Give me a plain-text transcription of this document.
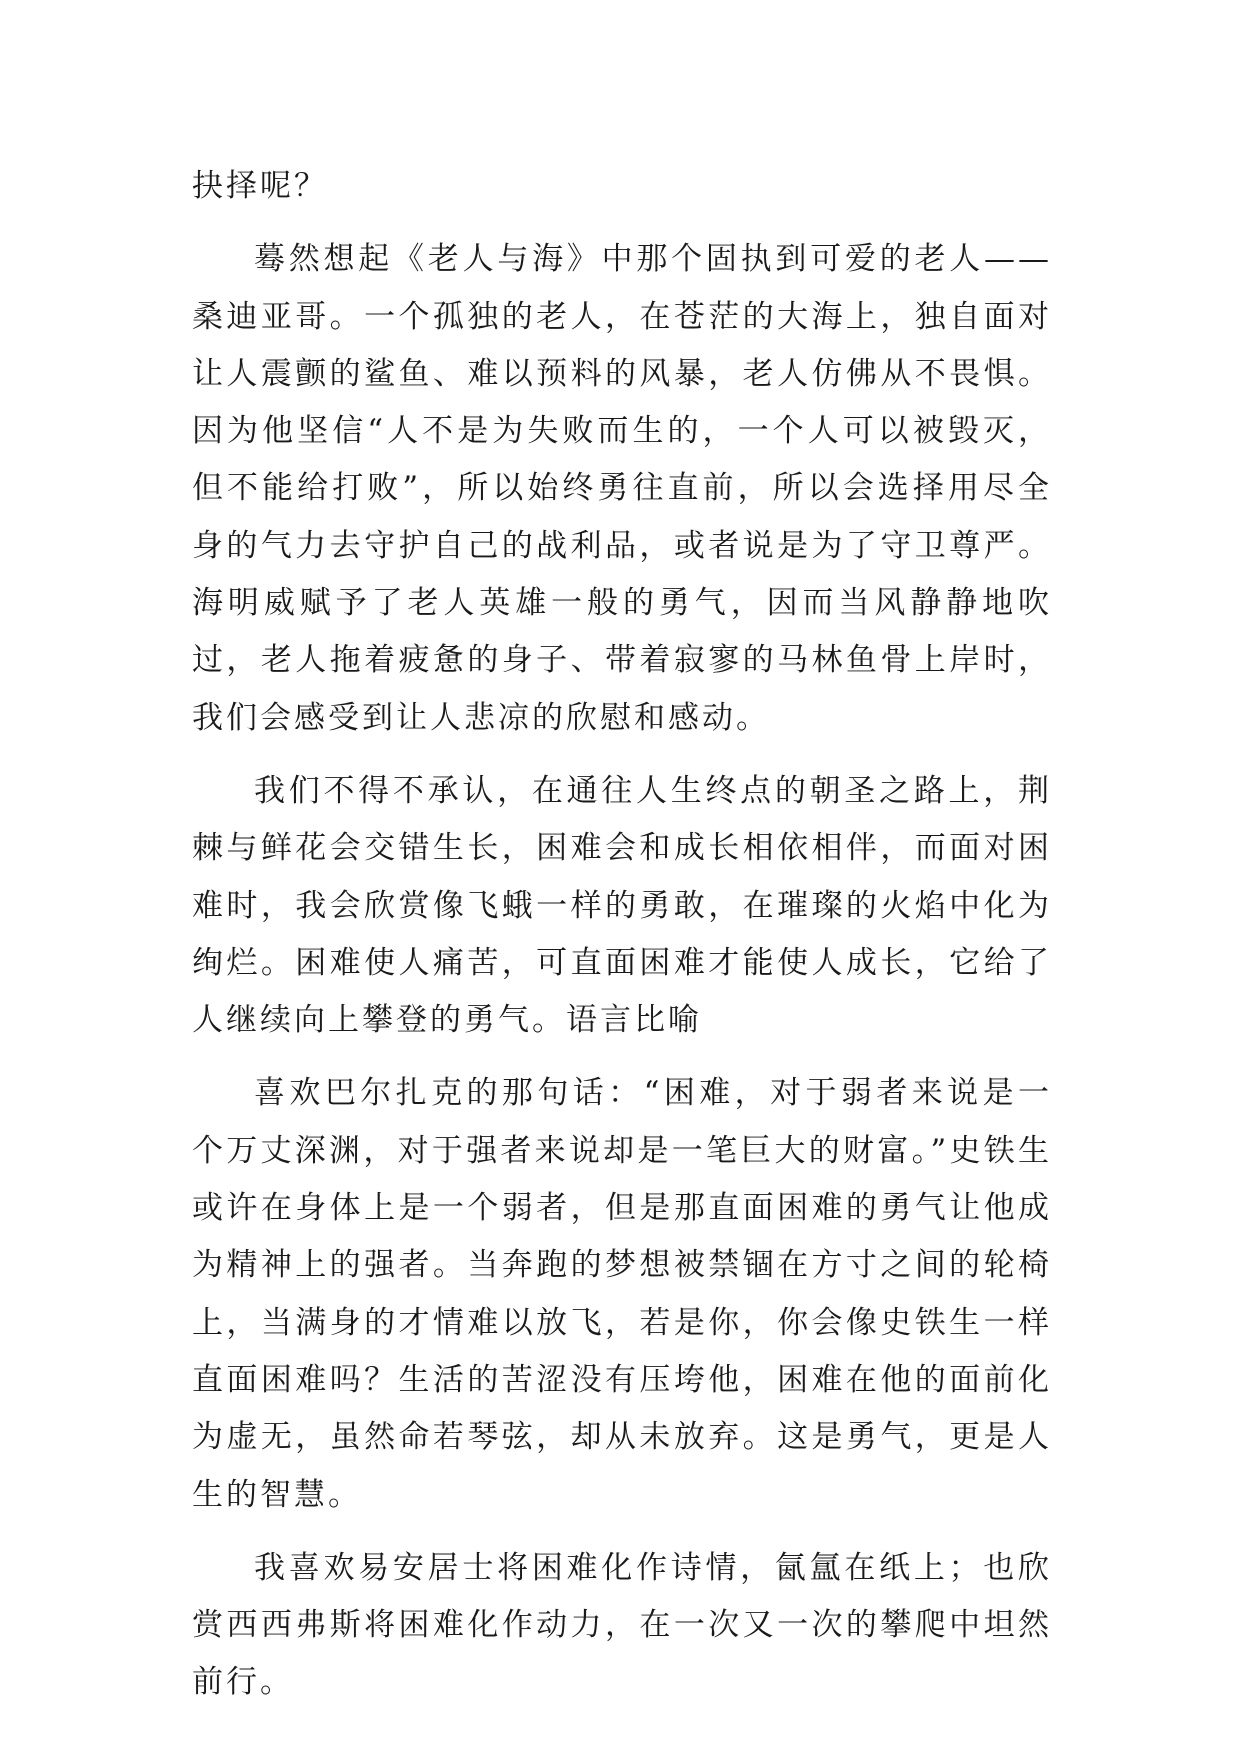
抉择呢？

蓦然想起《老人与海》中那个固执到可爱的老人——桑迪亚哥。一个孤独的老人，在苍茫的大海上，独自面对让人震颤的鲨鱼、难以预料的风暴，老人仿佛从不畏惧。因为他坚信“人不是为失败而生的，一个人可以被毁灭，但不能给打败”，所以始终勇往直前，所以会选择用尽全身的气力去守护自己的战利品，或者说是为了守卫尊严。海明威赋予了老人英雄一般的勇气，因而当风静静地吹过，老人拖着疲惫的身子、带着寂寥的马林鱼骨上岸时，我们会感受到让人悲凉的欣慰和感动。

我们不得不承认，在通往人生终点的朝圣之路上，荆棘与鲜花会交错生长，困难会和成长相依相伴，而面对困难时，我会欣赏像飞蛾一样的勇敢，在璀璨的火焰中化为绚烂。困难使人痛苦，可直面困难才能使人成长，它给了人继续向上攀登的勇气。语言比喻

喜欢巴尔扎克的那句话：“困难，对于弱者来说是一个万丈深渊，对于强者来说却是一笔巨大的财富。”史铁生或许在身体上是一个弱者，但是那直面困难的勇气让他成为精神上的强者。当奔跑的梦想被禁锢在方寸之间的轮椅上，当满身的才情难以放飞，若是你，你会像史铁生一样直面困难吗？生活的苦涩没有压垮他，困难在他的面前化为虚无，虽然命若琴弦，却从未放弃。这是勇气，更是人生的智慧。

我喜欢易安居士将困难化作诗情，氤氲在纸上；也欣赏西西弗斯将困难化作动力，在一次又一次的攀爬中坦然前行。
